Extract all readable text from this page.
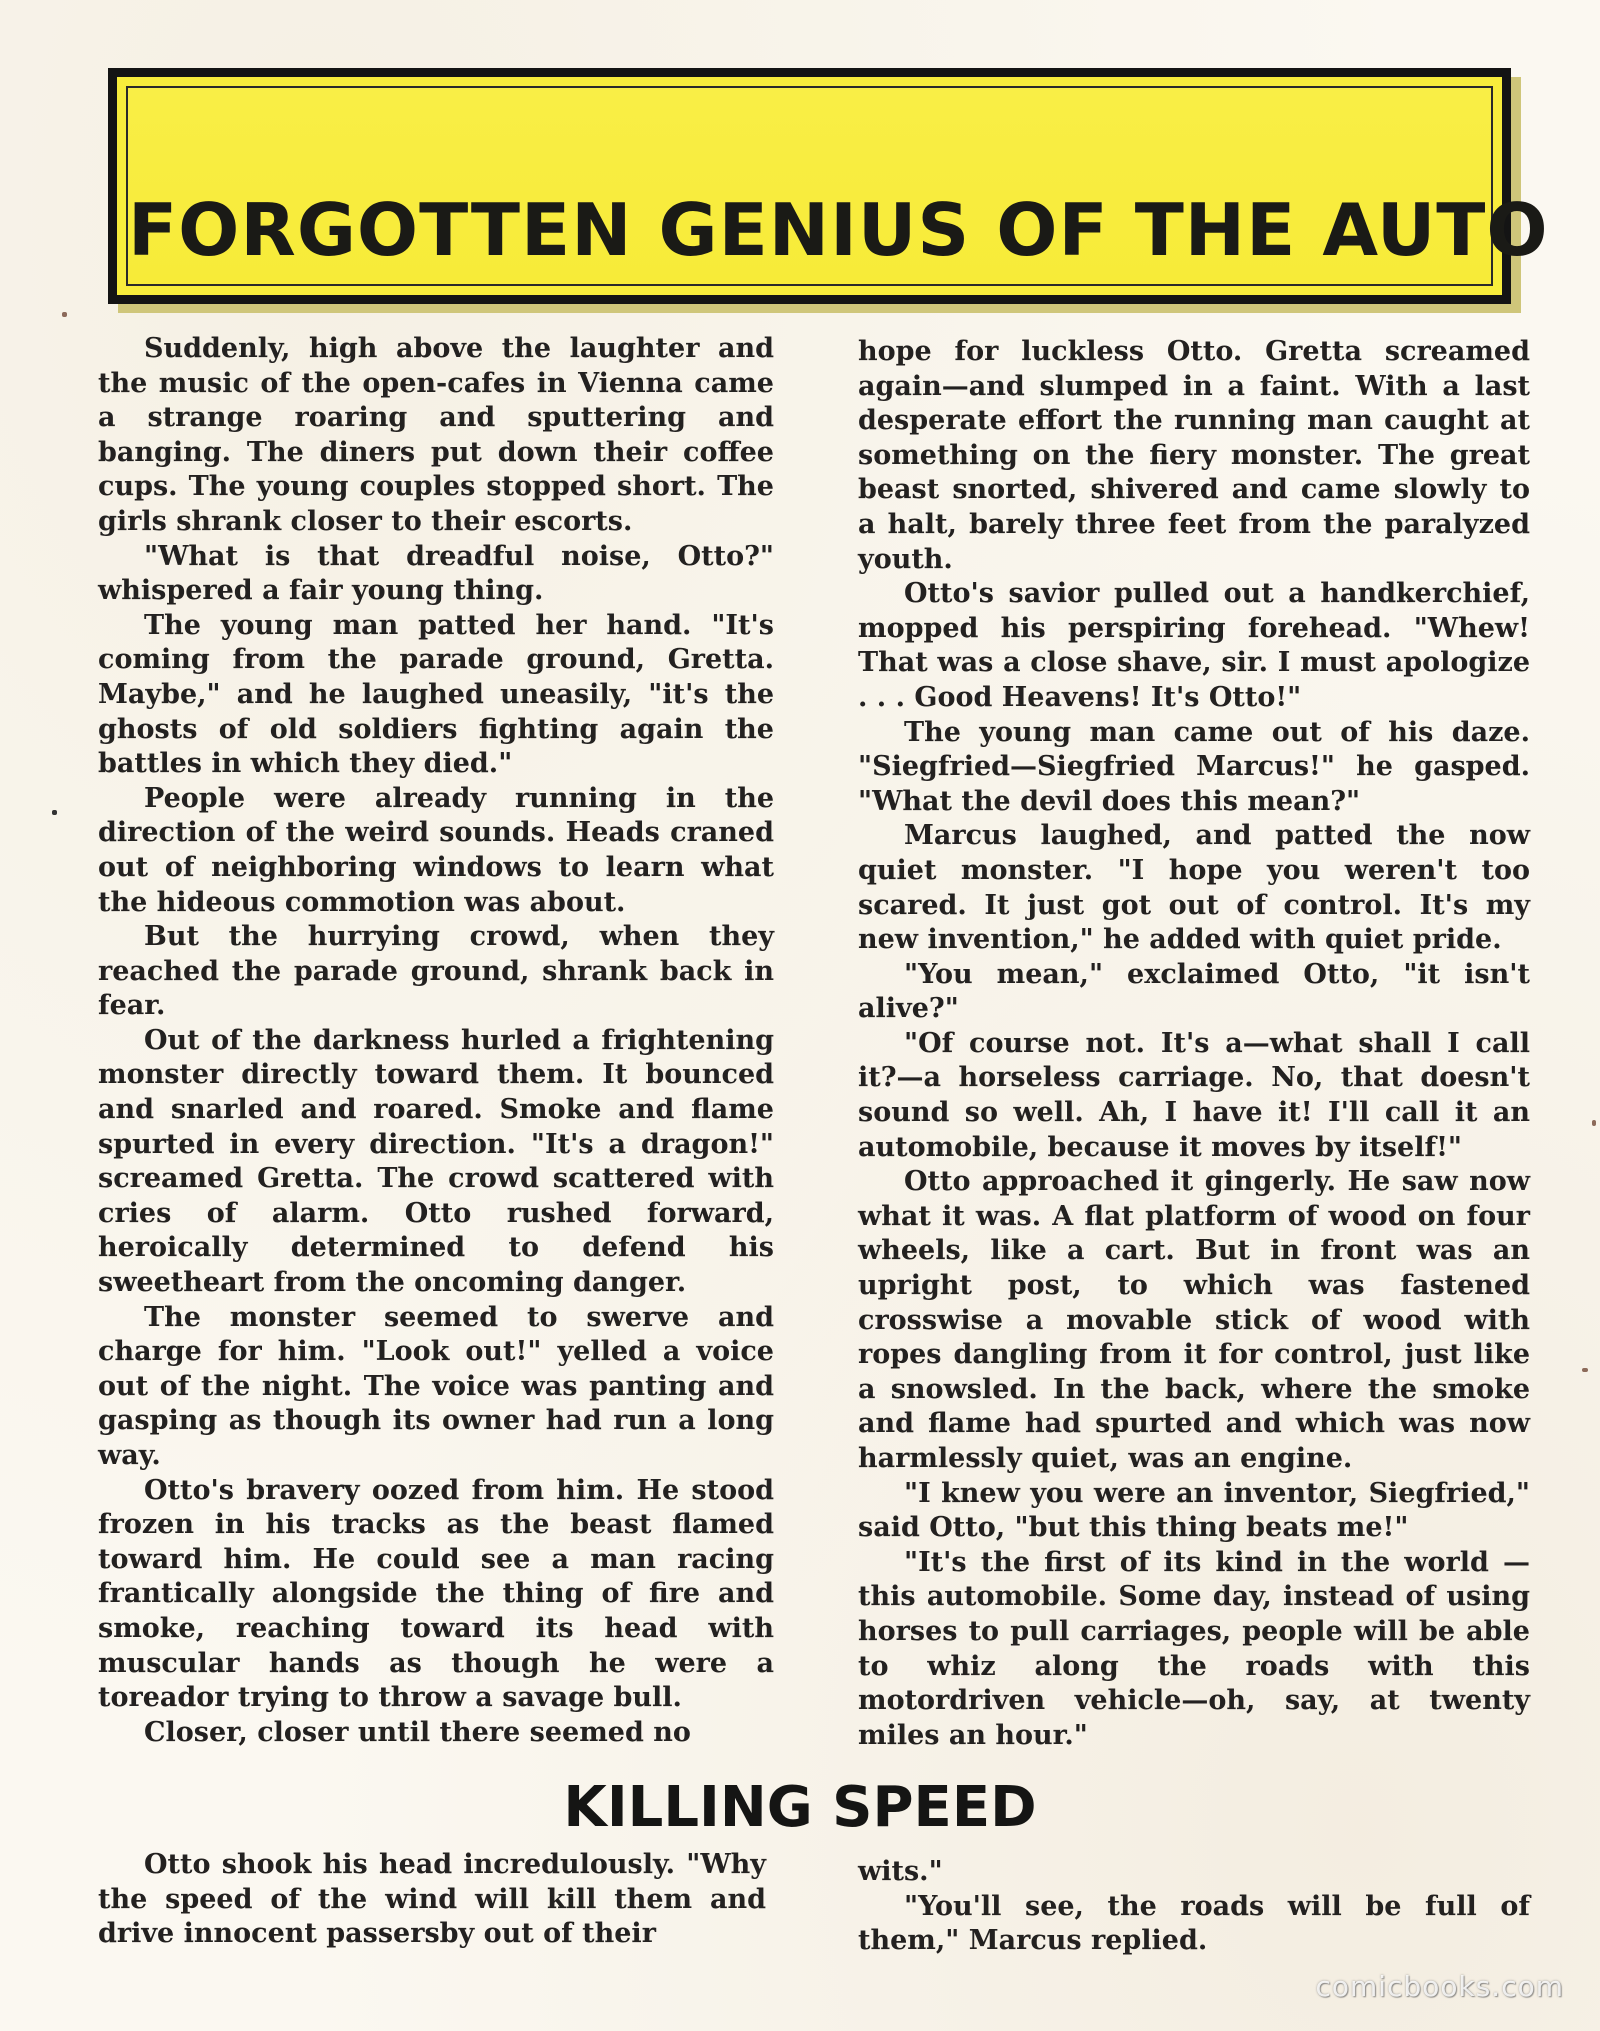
FORGOTTEN GENIUS OF THE AUTO

Suddenly, high above the laughter and the music of the open-cafes in Vienna came a strange roaring and sputtering and banging. The diners put down their coffee cups. The young couples stopped short. The girls shrank closer to their escorts.

"What is that dreadful noise, Otto?" whispered a fair young thing.

The young man patted her hand. "It's coming from the parade ground, Gretta. Maybe," and he laughed uneasily, "it's the ghosts of old soldiers fighting again the battles in which they died."

People were already running in the direction of the weird sounds. Heads craned out of neighboring windows to learn what the hideous commotion was about.

But the hurrying crowd, when they reached the parade ground, shrank back in fear.

Out of the darkness hurled a frightening monster directly toward them. It bounced and snarled and roared. Smoke and flame spurted in every direction. "It's a dragon!" screamed Gretta. The crowd scattered with cries of alarm. Otto rushed forward, heroically determined to defend his sweetheart from the oncoming danger.

The monster seemed to swerve and charge for him. "Look out!" yelled a voice out of the night. The voice was panting and gasping as though its owner had run a long way.

Otto's bravery oozed from him. He stood frozen in his tracks as the beast flamed toward him. He could see a man racing frantically alongside the thing of fire and smoke, reaching toward its head with muscular hands as though he were a toreador trying to throw a savage bull.

Closer, closer until there seemed no

hope for luckless Otto. Gretta screamed again—and slumped in a faint. With a last desperate effort the running man caught at something on the fiery monster. The great beast snorted, shivered and came slowly to a halt, barely three feet from the paralyzed youth.

Otto's savior pulled out a handkerchief, mopped his perspiring forehead. "Whew! That was a close shave, sir. I must apologize . . . Good Heavens! It's Otto!"

The young man came out of his daze. "Siegfried—Siegfried Marcus!" he gasped. "What the devil does this mean?"

Marcus laughed, and patted the now quiet monster. "I hope you weren't too scared. It just got out of control. It's my new invention," he added with quiet pride.

"You mean," exclaimed Otto, "it isn't alive?"

"Of course not. It's a—what shall I call it?—a horseless carriage. No, that doesn't sound so well. Ah, I have it! I'll call it an automobile, because it moves by itself!"

Otto approached it gingerly. He saw now what it was. A flat platform of wood on four wheels, like a cart. But in front was an upright post, to which was fastened crosswise a movable stick of wood with ropes dangling from it for control, just like a snowsled. In the back, where the smoke and flame had spurted and which was now harmlessly quiet, was an engine.

"I knew you were an inventor, Siegfried," said Otto, "but this thing beats me!"

"It's the first of its kind in the world — this automobile. Some day, instead of using horses to pull carriages, people will be able to whiz along the roads with this motordriven vehicle—oh, say, at twenty miles an hour."

KILLING SPEED

Otto shook his head incredulously. "Why the speed of the wind will kill them and drive innocent passersby out of their

wits."

"You'll see, the roads will be full of them," Marcus replied.

comicbooks.com
